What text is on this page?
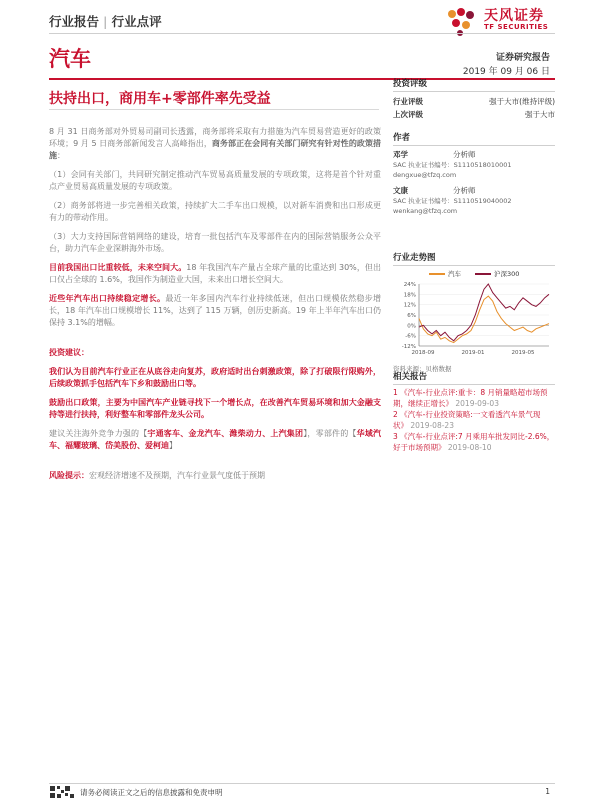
行业报告 | 行业点评	天风证券
TF SECURITIES
汽车	证券研究报告
2019 年 09 月 06 日
扶持出口，商用车+零部件率先受益

8 月 31 日商务部对外贸易司副司长透露，商务部将采取有力措施为汽车贸易营造更好的政策环境；9 月 5 日商务部新闻发言人高峰指出，商务部正在会同有关部门研究有针对性的政策措施：

（1）会同有关部门，共同研究制定推动汽车贸易高质量发展的专项政策，这将是首个针对重点产业贸易高质量发展的专项政策。

（2）商务部将进一步完善相关政策，持续扩大二手车出口规模，以对新车消费和出口形成更有力的带动作用。

（3）大力支持国际营销网络的建设，培育一批包括汽车及零部件在内的国际营销服务公众平台，助力汽车企业深耕海外市场。

目前我国出口比重较低，未来空间大。18 年我国汽车产量占全球产量的比重达到 30%，但出口仅占全球的 1.6%，我国作为制造业大国，未来出口增长空间大。

近些年汽车出口持续稳定增长。最近一年多国内汽车行业持续低迷，但出口规模依然稳步增长，18 年汽车出口规模增长 11%，达到了 115 万辆，创历史新高。19 年上半年汽车出口仍保持 3.1%的增幅。

投资建议：

我们认为目前汽车行业正在从底谷走向复苏，政府适时出台刺激政策，除了打破限行限购外，后续政策抓手包括汽车下乡和鼓励出口等。

鼓励出口政策，主要为中国汽车产业链寻找下一个增长点，在改善汽车贸易环境和加大金融支持等进行扶持，利好整车和零部件龙头公司。

建议关注海外竞争力强的【宇通客车、金龙汽车、潍柴动力、上汽集团】，零部件的【华域汽车、福耀玻璃、岱美股份、爱柯迪】

风险提示：宏观经济增速不及预期，汽车行业景气度低于预期

投资评级
行业评级	强于大市(维持评级)
上次评级	强于大市
作者
邓学	分析师
SAC 执业证书编号：S1110518010001
dengxue@tfzq.com
文康	分析师
SAC 执业证书编号：S1110519040002
wenkang@tfzq.com
行业走势图
汽车	沪深300
24%
18%
12%
6%
0%
-6%
-12%
2018-09	2019-01	2019-05
资料来源：贝格数据
相关报告
1 《汽车-行业点评:重卡：8 月销量略超市场预期，继续正增长》 2019-09-03
2 《汽车-行业投资策略:一文看透汽车景气现状》 2019-08-23
3 《汽车-行业点评:7 月乘用车批发同比-2.6%，好于市场预期》 2019-08-10
请务必阅读正文之后的信息披露和免责申明	1
